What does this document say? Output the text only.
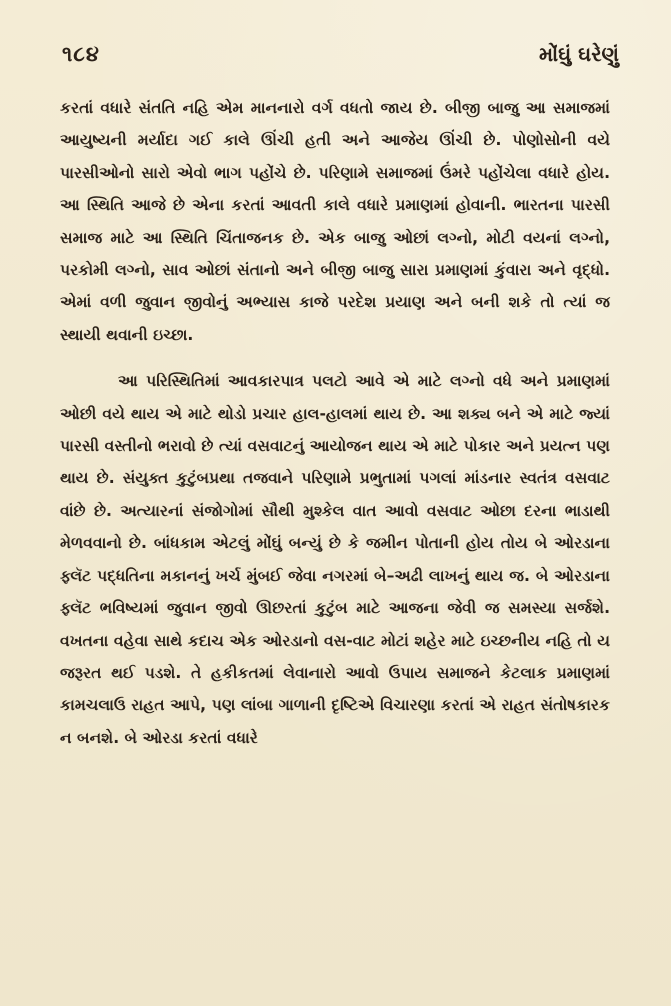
૧૮૪	મોંઘું ઘરેણું

કરતાં વધારે સંતતિ નહિ એમ માનનારો વર્ગ વધતો જાય છે. બીજી બાજુ આ સમાજમાં આયુષ્યની મર્યાદા ગઈ કાલે ઊંચી હતી અને આજેય ઊંચી છે. પોણોસોની વયે પારસીઓનો સારો એવો ભાગ પહોંચે છે. પરિણામે સમાજમાં ઉંમરે પહોંચેલા વધારે હોય. આ સ્થિતિ આજે છે એના કરતાં આવતી કાલે વધારે પ્રમાણમાં હોવાની. ભારતના પારસી સમાજ માટે આ સ્થિતિ ચિંતાજનક છે. એક બાજુ ઓછાં લગ્નો, મોટી વયનાં લગ્નો, પરકોમી લગ્નો, સાવ ઓછાં સંતાનો અને બીજી બાજુ સારા પ્રમાણમાં કુંવારા અને વૃદ્ધો. એમાં વળી જુવાન જીવોનું અભ્યાસ કાજે પરદેશ પ્રયાણ અને બની શકે તો ત્યાં જ સ્થાયી થવાની ઇચ્છા.

આ પરિસ્થિતિમાં આવકારપાત્ર પલટો આવે એ માટે લગ્નો વધે અને પ્રમાણમાં ઓછી વયે થાય એ માટે થોડો પ્રચાર હાલ-હાલમાં થાય છે. આ શક્ય બને એ માટે જ્યાં પારસી વસ્તીનો ભરાવો છે ત્યાં વસવાટનું આયોજન થાય એ માટે પોકાર અને પ્રયત્ન પણ થાય છે. સંયુક્ત કુટુંબપ્રથા તજવાને પરિણામે પ્રભુતામાં પગલાં માંડનાર સ્વતંત્ર વસવાટ વાંછે છે. અત્યારનાં સંજોગોમાં સૌથી મુશ્કેલ વાત આવો વસવાટ ઓછા દરના ભાડાથી મેળવવાનો છે. બાંધકામ એટલું મોંઘું બન્યું છે કે જમીન પોતાની હોય તોય બે ઓરડાના ફ્લૅટ પદ્ધતિના મકાનનું ખર્ચ મુંબઈ જેવા નગરમાં બે–અઢી લાખનું થાય જ. બે ઓરડાના ફ્લૅટ ભવિષ્યમાં જુવાન જીવો ઊછરતાં કુટુંબ માટે આજના જેવી જ સમસ્યા સર્જશે. વખતના વહેવા સાથે કદાચ એક ઓરડાનો વસ-વાટ મોટાં શહેર માટે ઇચ્છનીય નહિ તો ય જરૂરત થઈ પડશે. તે હકીકતમાં લેવાનારો આવો ઉપાય સમાજને કેટલાક પ્રમાણમાં કામચલાઉ રાહત આપે, પણ લાંબા ગાળાની દૃષ્ટિએ વિચારણા કરતાં એ રાહત સંતોષકારક ન બનશે. બે ઓરડા કરતાં વધારે
